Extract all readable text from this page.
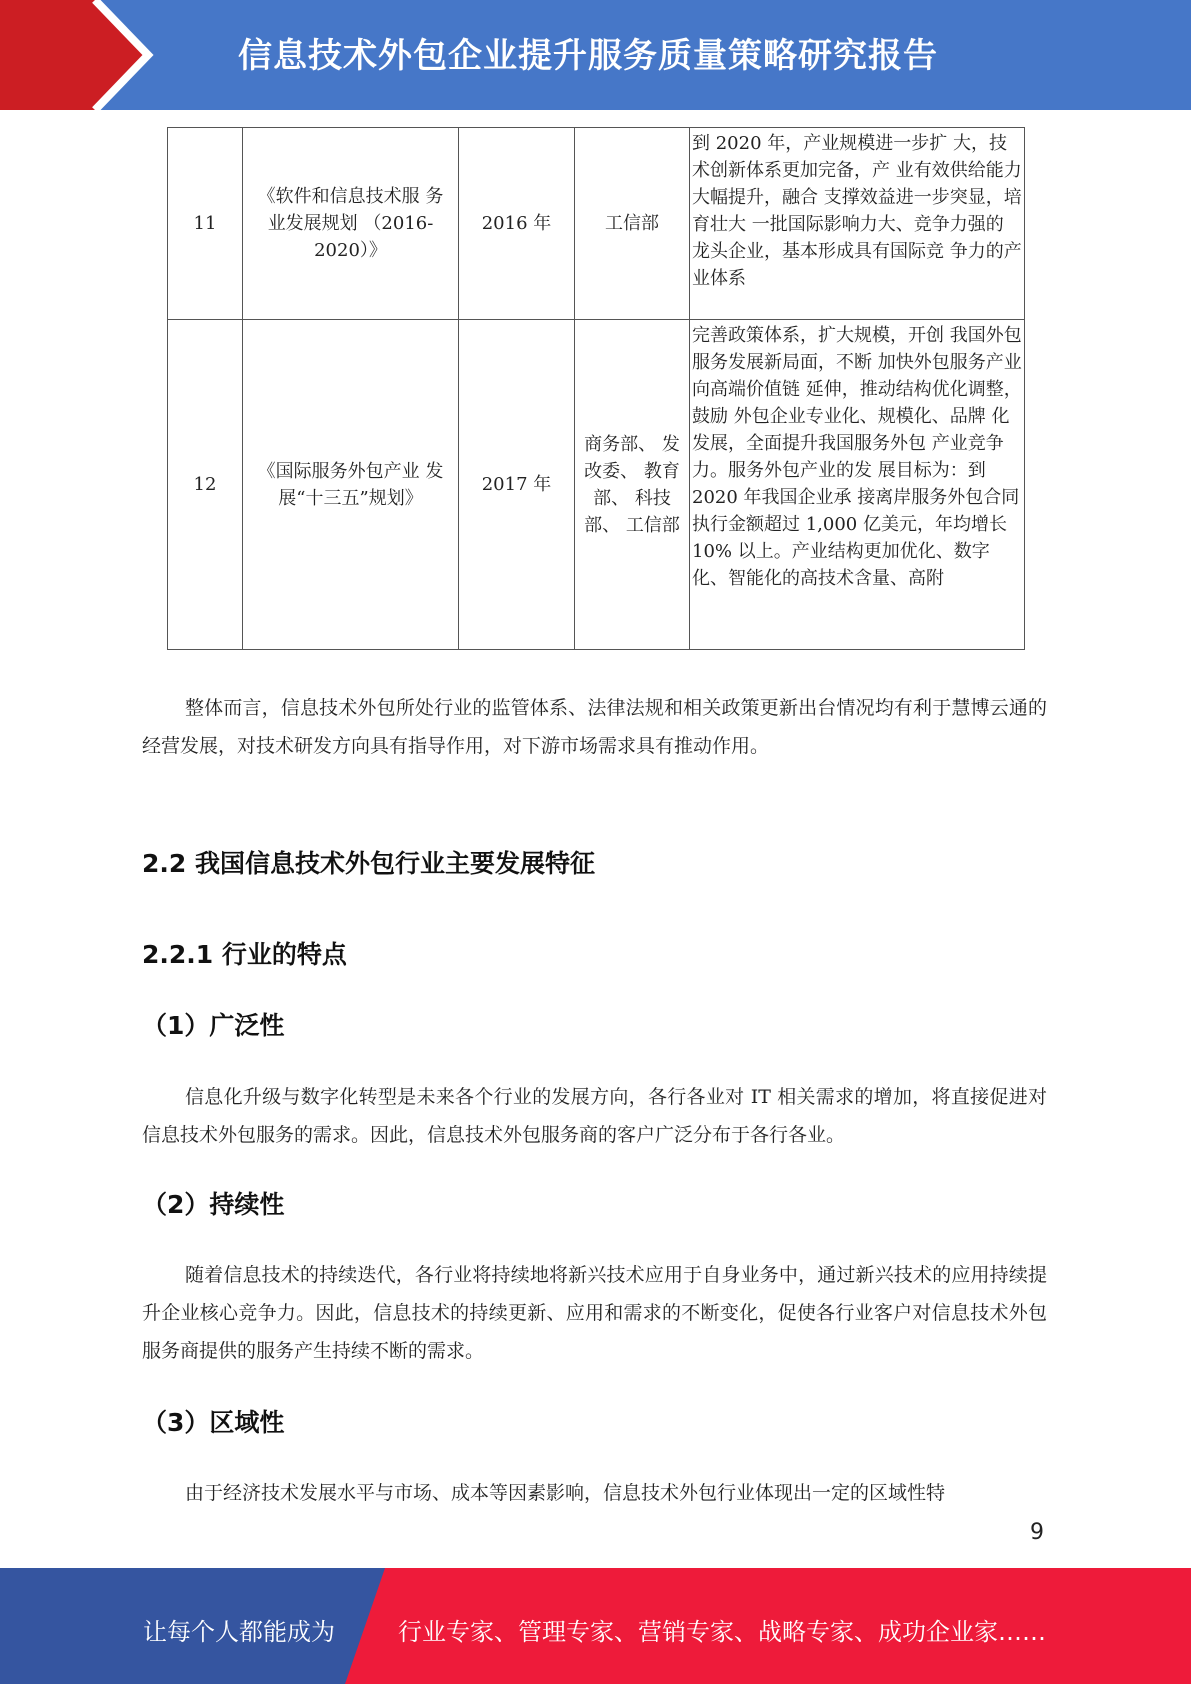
信息技术外包企业提升服务质量策略研究报告
11	《软件和信息技术服 务业发展规划 （2016-2020）》	2016 年	工信部	到 2020 年，产业规模进一步扩 大，技术创新体系更加完备，产 业有效供给能力大幅提升，融合 支撑效益进一步突显，培育壮大 一批国际影响力大、竞争力强的 龙头企业，基本形成具有国际竞 争力的产业体系
12	《国际服务外包产业 发展“十三五”规划》	2017 年	商务部、 发改委、 教育部、 科技部、 工信部	完善政策体系，扩大规模，开创 我国外包服务发展新局面，不断 加快外包服务产业向高端价值链 延伸，推动结构优化调整，鼓励 外包企业专业化、规模化、品牌 化发展，全面提升我国服务外包 产业竞争力。服务外包产业的发 展目标为：到 2020 年我国企业承 接离岸服务外包合同执行金额超过 1,000 亿美元，年均增长 10% 以上。产业结构更加优化、数字 化、智能化的高技术含量、高附

整体而言，信息技术外包所处行业的监管体系、法律法规和相关政策更新出台情况均有利于慧博云通的经营发展，对技术研发方向具有指导作用，对下游市场需求具有推动作用。

2.2 我国信息技术外包行业主要发展特征
2.2.1 行业的特点
（1）广泛性

信息化升级与数字化转型是未来各个行业的发展方向，各行各业对 IT 相关需求的增加，将直接促进对信息技术外包服务的需求。因此，信息技术外包服务商的客户广泛分布于各行各业。

（2）持续性

随着信息技术的持续迭代，各行业将持续地将新兴技术应用于自身业务中，通过新兴技术的应用持续提升企业核心竞争力。因此，信息技术的持续更新、应用和需求的不断变化，促使各行业客户对信息技术外包服务商提供的服务产生持续不断的需求。

（3）区域性

由于经济技术发展水平与市场、成本等因素影响，信息技术外包行业体现出一定的区域性特

9
让每个人都能成为	行业专家、管理专家、营销专家、战略专家、成功企业家……
